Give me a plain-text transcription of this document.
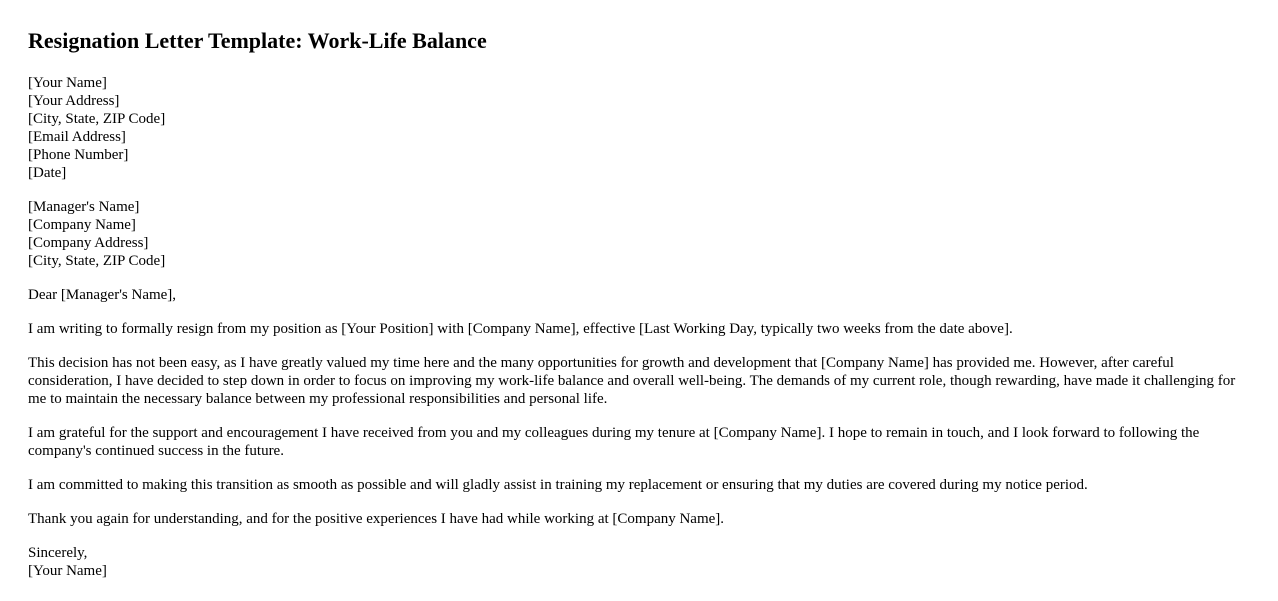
Resignation Letter Template: Work-Life Balance
[Your Name]
[Your Address]
[City, State, ZIP Code]
[Email Address]
[Phone Number]
[Date]
[Manager's Name]
[Company Name]
[Company Address]
[City, State, ZIP Code]

Dear [Manager's Name],

I am writing to formally resign from my position as [Your Position] with [Company Name], effective [Last Working Day, typically two weeks from the date above].

This decision has not been easy, as I have greatly valued my time here and the many opportunities for growth and development that [Company Name] has provided me. However, after careful consideration, I have decided to step down in order to focus on improving my work-life balance and overall well-being. The demands of my current role, though rewarding, have made it challenging for me to maintain the necessary balance between my professional responsibilities and personal life.

I am grateful for the support and encouragement I have received from you and my colleagues during my tenure at [Company Name]. I hope to remain in touch, and I look forward to following the company's continued success in the future.

I am committed to making this transition as smooth as possible and will gladly assist in training my replacement or ensuring that my duties are covered during my notice period.

Thank you again for understanding, and for the positive experiences I have had while working at [Company Name].

Sincerely,
[Your Name]
